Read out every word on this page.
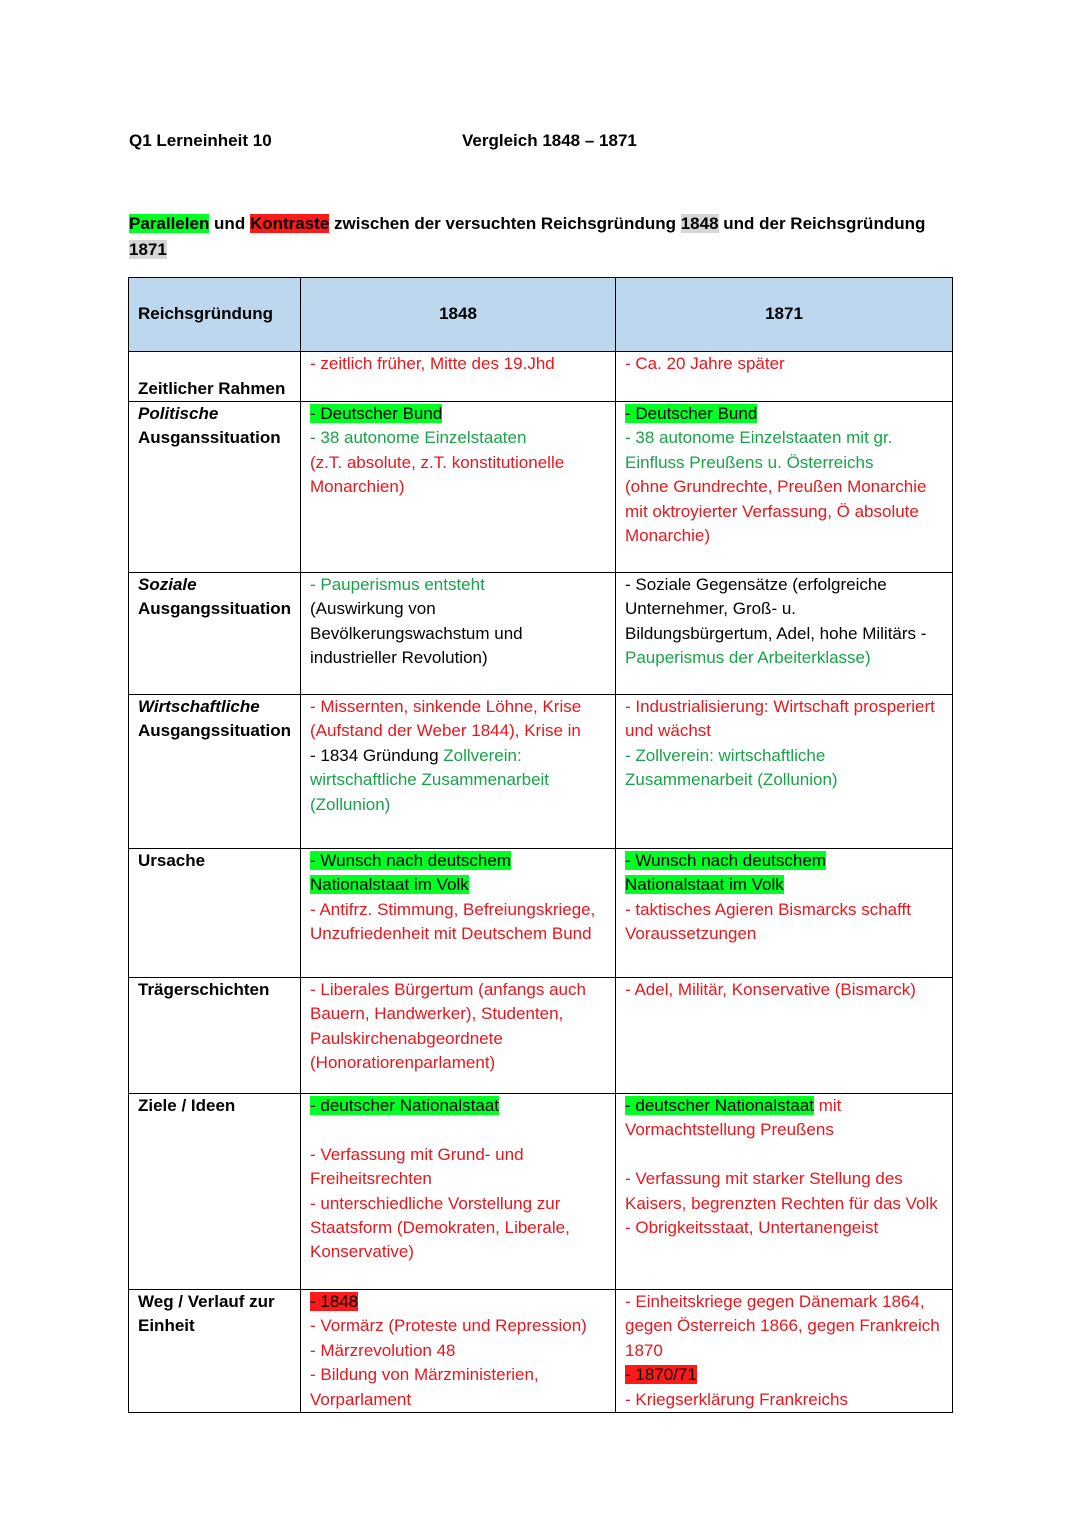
Q1 Lerneinheit 10	Vergleich 1848 – 1871
Parallelen und Kontraste zwischen der versuchten Reichsgründung 1848 und der Reichsgründung
1871
Reichsgründung	1848	1871
Zeitlicher Rahmen	- zeitlich früher, Mitte des 19.Jhd	- Ca. 20 Jahre später
Politische
Ausganssituation	- Deutscher Bund
- 38 autonome Einzelstaaten
(z.T. absolute, z.T. konstitutionelle Monarchien)	- Deutscher Bund
- 38 autonome Einzelstaaten mit gr. Einfluss Preußens u. Österreichs
(ohne Grundrechte, Preußen Monarchie mit oktroyierter Verfassung, Ö absolute Monarchie)
Soziale
Ausgangssituation	- Pauperismus entsteht
(Auswirkung von Bevölkerungswachstum und industrieller Revolution)	- Soziale Gegensätze (erfolgreiche Unternehmer, Groß- u. Bildungsbürgertum, Adel, hohe Militärs - Pauperismus der Arbeiterklasse)
Wirtschaftliche
Ausgangssituation	- Missernten, sinkende Löhne, Krise (Aufstand der Weber 1844), Krise in
- 1834 Gründung Zollverein: wirtschaftliche Zusammenarbeit (Zollunion)	- Industrialisierung: Wirtschaft prosperiert und wächst
- Zollverein: wirtschaftliche Zusammenarbeit (Zollunion)
Ursache	- Wunsch nach deutschem
Nationalstaat im Volk
- Antifrz. Stimmung, Befreiungskriege, Unzufriedenheit mit Deutschem Bund	- Wunsch nach deutschem
Nationalstaat im Volk
- taktisches Agieren Bismarcks schafft Voraussetzungen
Trägerschichten	- Liberales Bürgertum (anfangs auch Bauern, Handwerker), Studenten, Paulskirchenabgeordnete (Honoratiorenparlament)	- Adel, Militär, Konservative (Bismarck)
Ziele / Ideen	- deutscher Nationalstaat

- Verfassung mit Grund- und Freiheitsrechten
- unterschiedliche Vorstellung zur Staatsform (Demokraten, Liberale, Konservative)	- deutscher Nationalstaat mit Vormachtstellung Preußens

- Verfassung mit starker Stellung des Kaisers, begrenzten Rechten für das Volk
- Obrigkeitsstaat, Untertanengeist
Weg / Verlauf zur Einheit	- 1848
- Vormärz (Proteste und Repression)
- Märzrevolution 48
- Bildung von Märzministerien, Vorparlament	- Einheitskriege gegen Dänemark 1864, gegen Österreich 1866, gegen Frankreich 1870
- 1870/71
- Kriegserklärung Frankreichs
